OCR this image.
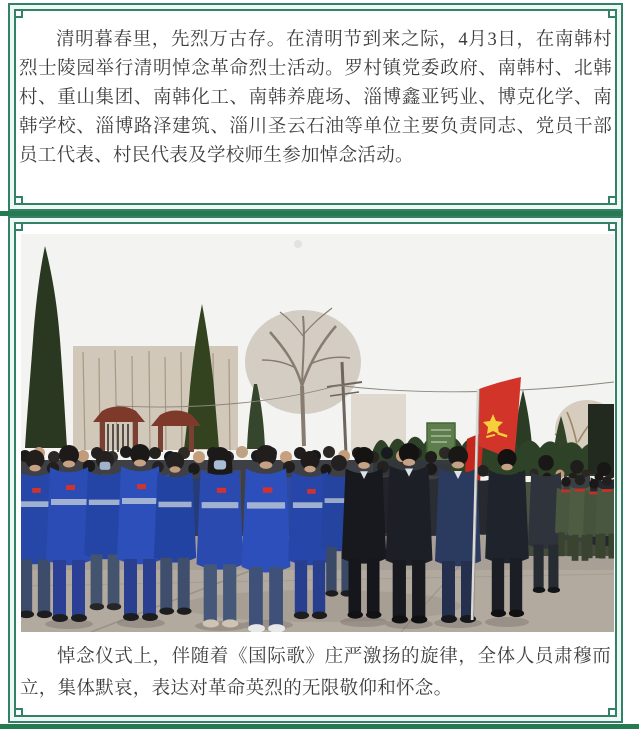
清明暮春里，先烈万古存。在清明节到来之际，4月3日，在南韩村烈士陵园举行清明悼念革命烈士活动。罗村镇党委政府、南韩村、北韩村、重山集团、南韩化工、南韩养鹿场、淄博鑫亚钙业、博克化学、南韩学校、淄博路泽建筑、淄川圣云石油等单位主要负责同志、党员干部员工代表、村民代表及学校师生参加悼念活动。

悼念仪式上，伴随着《国际歌》庄严激扬的旋律，全体人员肃穆而立，集体默哀，表达对革命英烈的无限敬仰和怀念。
